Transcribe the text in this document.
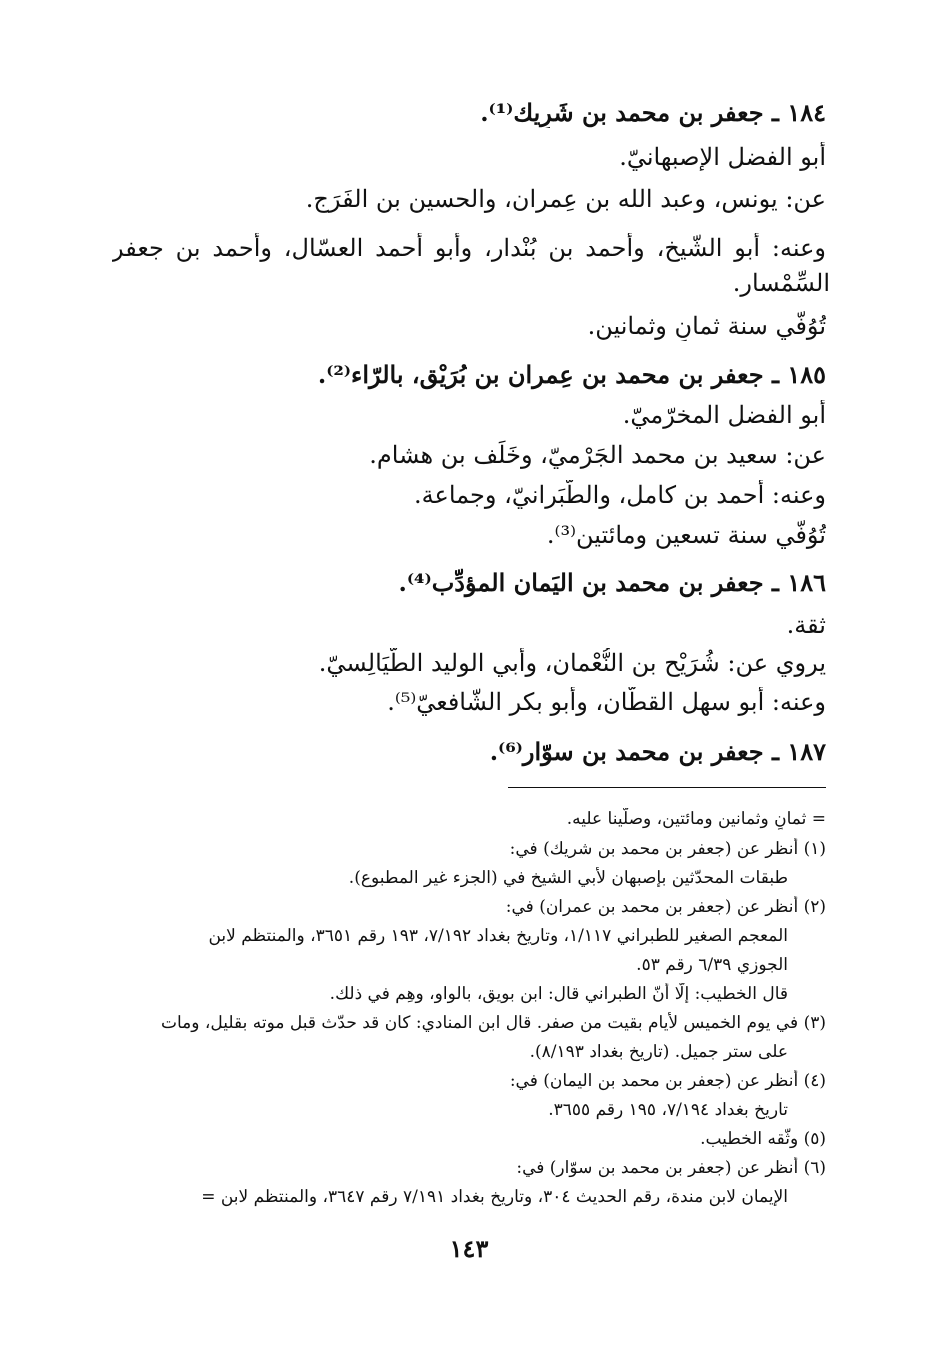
١٨٤ ـ جعفر بن محمد بن شَرِيك⁽¹⁾.
أبو الفضل الإصبهانيّ.
عن: يونس، وعبد الله بن عِمران، والحسين بن الفَرَج.
وعنه: أبو الشّيخ، وأحمد بن بُنْدار، وأبو أحمد العسّال، وأحمد بن جعفر
السِّمْسار.
تُوُفّي سنة ثمانٍ وثمانين.
١٨٥ ـ جعفر بن محمد بن عِمران بن بُرَيْق، بالرّاء⁽²⁾.
أبو الفضل المخرّميّ.
عن: سعيد بن محمد الجَرْميّ، وخَلَف بن هشام.
وعنه: أحمد بن كامل، والطّبَرانيّ، وجماعة.
تُوُفّي سنة تسعين ومائتين⁽³⁾.
١٨٦ ـ جعفر بن محمد بن اليَمان المؤدِّب⁽⁴⁾.
ثقة.
يروي عن: شُرَيْح بن النُّعْمان، وأبي الوليد الطَّيَالِسيّ.
وعنه: أبو سهل القطّان، وأبو بكر الشّافعيّ⁽⁵⁾.
١٨٧ ـ جعفر بن محمد بن سوّار⁽⁶⁾.
= ثمانٍ وثمانين ومائتين، وصلّينا عليه.
(١) أنظر عن (جعفر بن محمد بن شريك) في:
طبقات المحدّثين بإصبهان لأبي الشيخ في (الجزء غير المطبوع).
(٢) أنظر عن (جعفر بن محمد بن عمران) في:
المعجم الصغير للطبراني ١/١١٧، وتاريخ بغداد ٧/١٩٢، ١٩٣ رقم ٣٦٥١، والمنتظم لابن
الجوزي ٦/٣٩ رقم ٥٣.
قال الخطيب: إلّا أنّ الطبراني قال: ابن بويق، بالواو، وهِم في ذلك.
(٣) في يوم الخميس لأيام بقيت من صفر. قال ابن المنادي: كان قد حدّث قبل موته بقليل، ومات
على ستر جميل. (تاريخ بغداد ٨/١٩٣).
(٤) أنظر عن (جعفر بن محمد بن اليمان) في:
تاريخ بغداد ٧/١٩٤، ١٩٥ رقم ٣٦٥٥.
(٥) وثّقه الخطيب.
(٦) أنظر عن (جعفر بن محمد بن سوّار) في:
الإيمان لابن مندة، رقم الحديث ٣٠٤، وتاريخ بغداد ٧/١٩١ رقم ٣٦٤٧، والمنتظم لابن =
١٤٣
